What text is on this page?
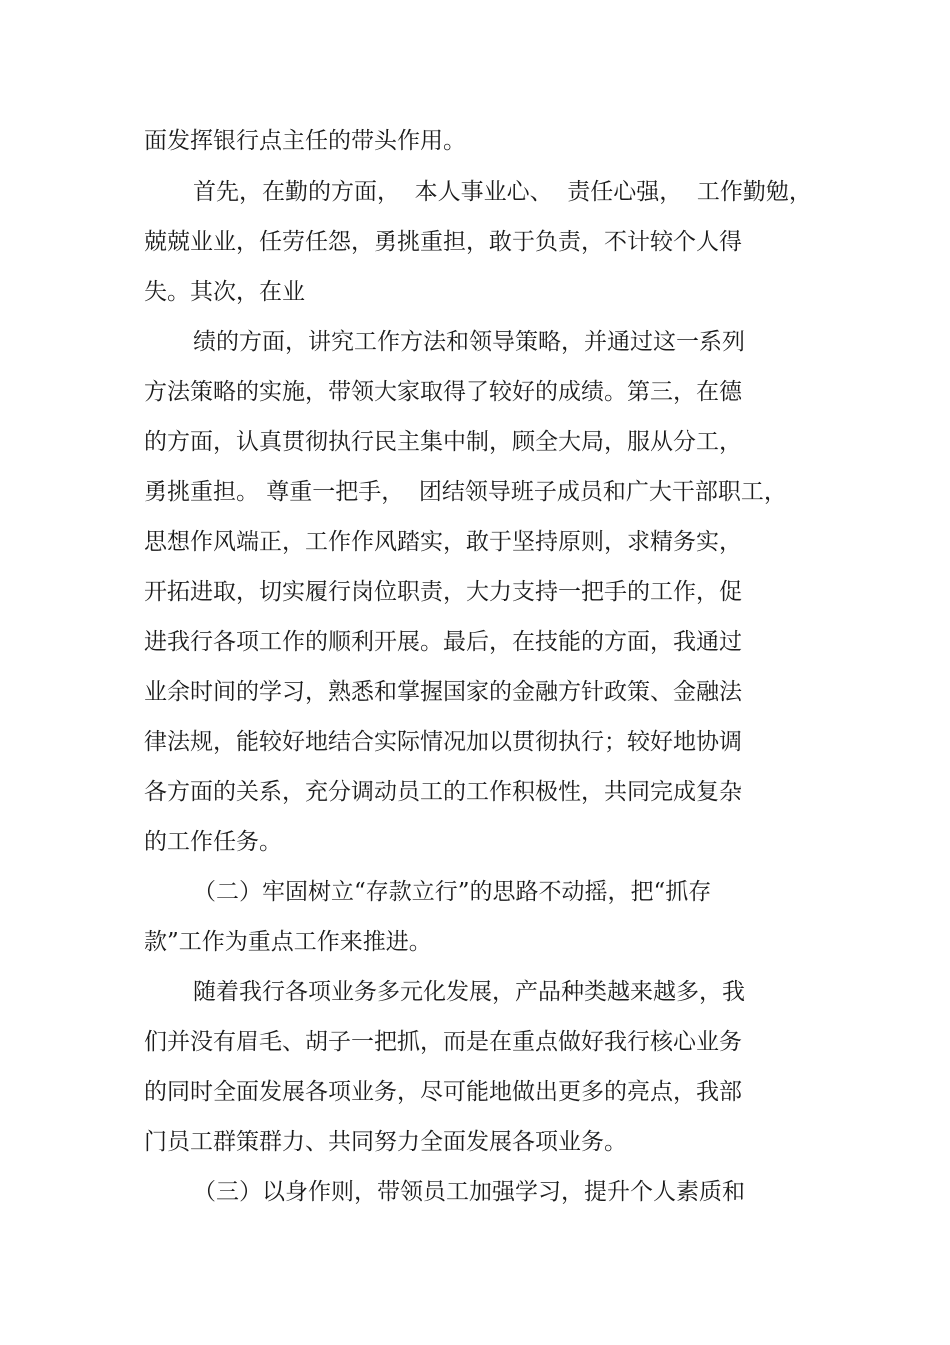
面发挥银行点主任的带头作用。
首先，在勤的方面，  本人事业心、  责任心强，  工作勤勉，
兢兢业业，任劳任怨，勇挑重担，敢于负责，不计较个人得
失。其次，在业
绩的方面，讲究工作方法和领导策略，并通过这一系列
方法策略的实施，带领大家取得了较好的成绩。第三，在德
的方面，认真贯彻执行民主集中制，顾全大局，服从分工，
勇挑重担。 尊重一把手，  团结领导班子成员和广大干部职工，
思想作风端正，工作作风踏实，敢于坚持原则，求精务实，
开拓进取，切实履行岗位职责，大力支持一把手的工作，促
进我行各项工作的顺利开展。最后，在技能的方面，我通过
业余时间的学习，熟悉和掌握国家的金融方针政策、金融法
律法规，能较好地结合实际情况加以贯彻执行；较好地协调
各方面的关系，充分调动员工的工作积极性，共同完成复杂
的工作任务。
（二）牢固树立“存款立行”的思路不动摇，把“抓存
款”工作为重点工作来推进。
随着我行各项业务多元化发展，产品种类越来越多，我
们并没有眉毛、胡子一把抓，而是在重点做好我行核心业务
的同时全面发展各项业务，尽可能地做出更多的亮点，我部
门员工群策群力、共同努力全面发展各项业务。
（三）以身作则，带领员工加强学习，提升个人素质和
